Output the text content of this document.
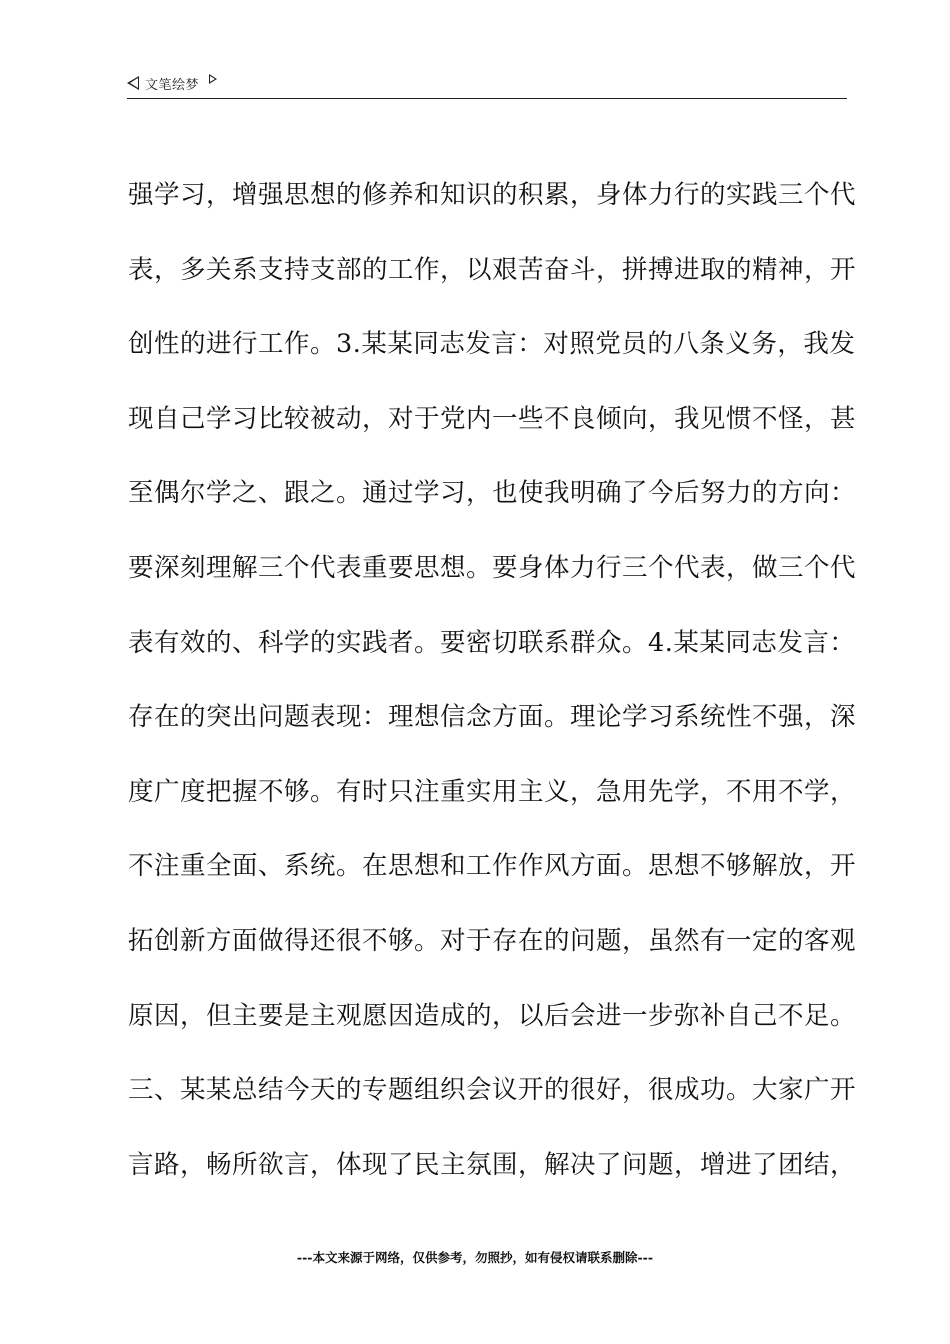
文笔绘梦
强学习，增强思想的修养和知识的积累，身体力行的实践三个代
表，多关系支持支部的工作，以艰苦奋斗，拼搏进取的精神，开
创性的进行工作。3.某某同志发言：对照党员的八条义务，我发
现自己学习比较被动，对于党内一些不良倾向，我见惯不怪，甚
至偶尔学之、跟之。通过学习，也使我明确了今后努力的方向：
要深刻理解三个代表重要思想。要身体力行三个代表，做三个代
表有效的、科学的实践者。要密切联系群众。4.某某同志发言：
存在的突出问题表现：理想信念方面。理论学习系统性不强，深
度广度把握不够。有时只注重实用主义，急用先学，不用不学，
不注重全面、系统。在思想和工作作风方面。思想不够解放，开
拓创新方面做得还很不够。对于存在的问题，虽然有一定的客观
原因，但主要是主观愿因造成的，以后会进一步弥补自己不足。
三、某某总结今天的专题组织会议开的很好，很成功。大家广开
言路，畅所欲言，体现了民主氛围，解决了问题，增进了团结，
---本文来源于网络，仅供参考，勿照抄，如有侵权请联系删除---
